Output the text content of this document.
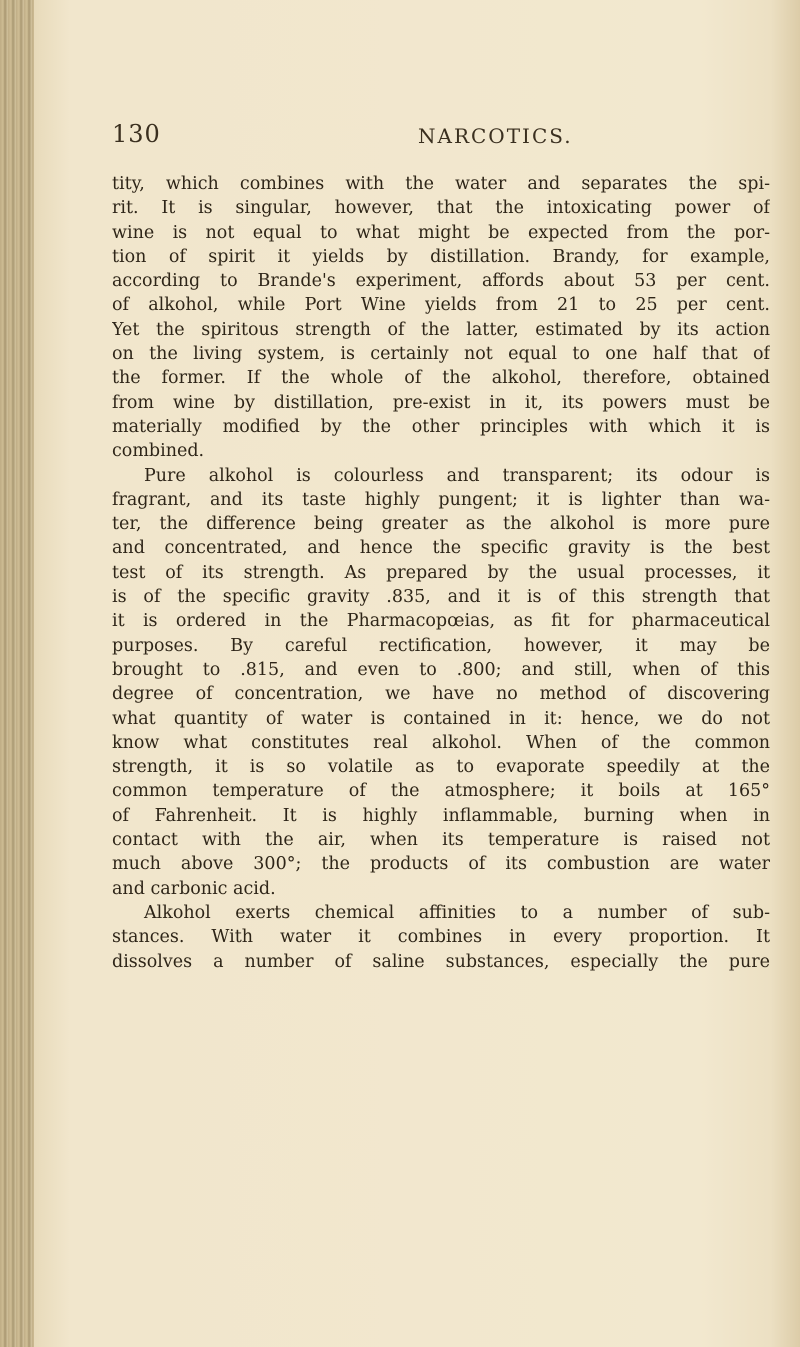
130	NARCOTICS.
tity, which combines with the water and separates the spi-
rit. It is singular, however, that the intoxicating power of
wine is not equal to what might be expected from the por-
tion of spirit it yields by distillation. Brandy, for example,
according to Brande's experiment, affords about 53 per cent.
of alkohol, while Port Wine yields from 21 to 25 per cent.
Yet the spiritous strength of the latter, estimated by its action
on the living system, is certainly not equal to one half that of
the former. If the whole of the alkohol, therefore, obtained
from wine by distillation, pre-exist in it, its powers must be
materially modified by the other principles with which it is
combined.
Pure alkohol is colourless and transparent; its odour is
fragrant, and its taste highly pungent; it is lighter than wa-
ter, the difference being greater as the alkohol is more pure
and concentrated, and hence the specific gravity is the best
test of its strength. As prepared by the usual processes, it
is of the specific gravity .835, and it is of this strength that
it is ordered in the Pharmacopœias, as fit for pharmaceutical
purposes. By careful rectification, however, it may be
brought to .815, and even to .800; and still, when of this
degree of concentration, we have no method of discovering
what quantity of water is contained in it: hence, we do not
know what constitutes real alkohol. When of the common
strength, it is so volatile as to evaporate speedily at the
common temperature of the atmosphere; it boils at 165°
of Fahrenheit. It is highly inflammable, burning when in
contact with the air, when its temperature is raised not
much above 300°; the products of its combustion are water
and carbonic acid.
Alkohol exerts chemical affinities to a number of sub-
stances. With water it combines in every proportion. It
dissolves a number of saline substances, especially the pure
